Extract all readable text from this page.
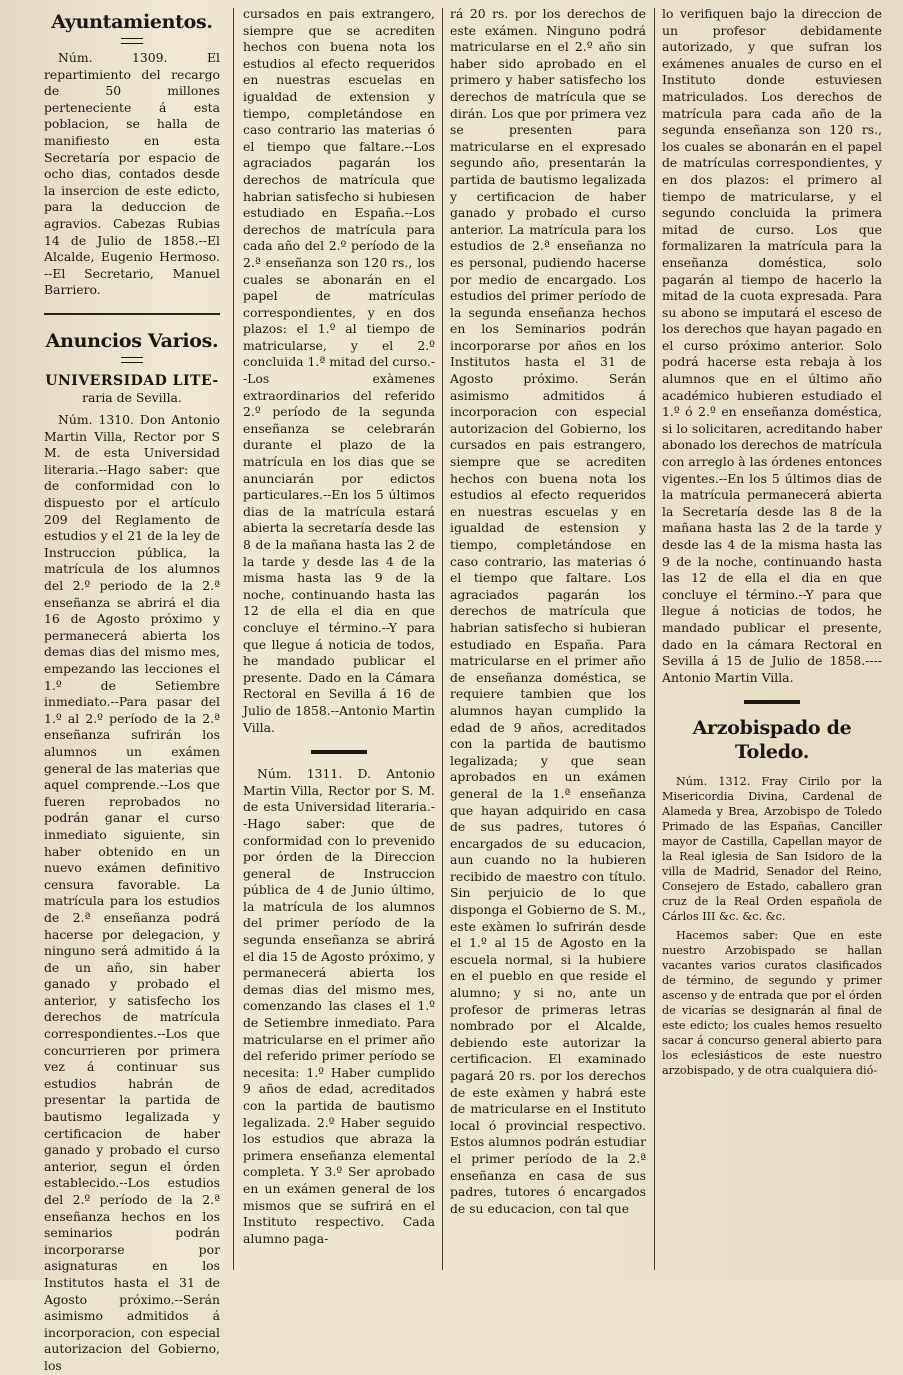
Ayuntamientos.

Núm. 1309. El repartimiento del recargo de 50 millones perteneciente á esta poblacion, se halla de manifiesto en esta Secretaría por espacio de ocho dias, contados desde la insercion de este edicto, para la deduccion de agravios. Cabezas Rubias 14 de Julio de 1858.--El Alcalde, Eugenio Hermoso. --El Secretario, Manuel Barriero.

Anuncios Varios.
UNIVERSIDAD LITE-
raria de Sevilla.

Núm. 1310. Don Antonio Martin Villa, Rector por S M. de esta Universidad literaria.--Hago saber: que de conformidad con lo dispuesto por el artículo 209 del Reglamento de estudios y el 21 de la ley de Instruccion pública, la matrícula de los alumnos del 2.º periodo de la 2.ª enseñanza se abrirá el dia 16 de Agosto próximo y permanecerá abierta los demas dias del mismo mes, empezando las lecciones el 1.º de Setiembre inmediato.--Para pasar del 1.º al 2.º período de la 2.ª enseñanza sufrirán los alumnos un exámen general de las materias que aquel comprende.--Los que fueren reprobados no podrán ganar el curso inmediato siguiente, sin haber obtenido en un nuevo exámen definitivo censura favorable. La matrícula para los estudios de 2.ª enseñanza podrá hacerse por delegacion, y ninguno será admitido á la de un año, sin haber ganado y probado el anterior, y satisfecho los derechos de matrícula correspondientes.--Los que concurrieren por primera vez á continuar sus estudios habrán de presentar la partida de bautismo legalizada y certificacion de haber ganado y probado el curso anterior, segun el órden establecido.--Los estudios del 2.º período de la 2.ª enseñanza hechos en los seminarios podrán incorporarse por asignaturas en los Institutos hasta el 31 de Agosto próximo.--Serán asimismo admitidos á incorporacion, con especial autorizacion del Gobierno, los

cursados en pais extrangero, siempre que se acrediten hechos con buena nota los estudios al efecto requeridos en nuestras escuelas en igualdad de extension y tiempo, completándose en caso contrario las materias ó el tiempo que faltare.--Los agraciados pagarán los derechos de matrícula que habrian satisfecho si hubiesen estudiado en España.--Los derechos de matrícula para cada año del 2.º período de la 2.ª enseñanza son 120 rs., los cuales se abonarán en el papel de matrículas correspondientes, y en dos plazos: el 1.º al tiempo de matricularse, y el 2.º concluida 1.ª mitad del curso.--Los exàmenes extraordinarios del referido 2.º período de la segunda enseñanza se celebrarán durante el plazo de la matrícula en los dias que se anunciarán por edictos particulares.--En los 5 últimos dias de la matrícula estará abierta la secretaría desde las 8 de la mañana hasta las 2 de la tarde y desde las 4 de la misma hasta las 9 de la noche, continuando hasta las 12 de ella el dia en que concluye el término.--Y para que llegue á noticia de todos, he mandado publicar el presente. Dado en la Cámara Rectoral en Sevilla á 16 de Julio de 1858.--Antonio Martin Villa.

Núm. 1311. D. Antonio Martin Villa, Rector por S. M. de esta Universidad literaria.--Hago saber: que de conformidad con lo prevenido por órden de la Direccion general de Instruccion pública de 4 de Junio último, la matrícula de los alumnos del primer período de la segunda enseñanza se abrirá el dia 15 de Agosto próximo, y permanecerá abierta los demas dias del mismo mes, comenzando las clases el 1.º de Setiembre inmediato. Para matricularse en el primer año del referido primer período se necesita: 1.º Haber cumplido 9 años de edad, acreditados con la partida de bautismo legalizada. 2.º Haber seguido los estudios que abraza la primera enseñanza elemental completa. Y 3.º Ser aprobado en un exámen general de los mismos que se sufrirá en el Instituto respectivo. Cada alumno paga-

rá 20 rs. por los derechos de este exámen. Ninguno podrá matricularse en el 2.º año sin haber sido aprobado en el primero y haber satisfecho los derechos de matrícula que se dirán. Los que por primera vez se presenten para matricularse en el expresado segundo año, presentarán la partida de bautismo legalizada y certificacion de haber ganado y probado el curso anterior. La matrícula para los estudios de 2.ª enseñanza no es personal, pudiendo hacerse por medio de encargado. Los estudios del primer período de la segunda enseñanza hechos en los Seminarios podrán incorporarse por años en los Institutos hasta el 31 de Agosto próximo. Serán asimismo admitidos á incorporacion con especial autorizacion del Gobierno, los cursados en pais estrangero, siempre que se acrediten hechos con buena nota los estudios al efecto requeridos en nuestras escuelas y en igualdad de estension y tiempo, completándose en caso contrario, las materias ó el tiempo que faltare. Los agraciados pagarán los derechos de matrícula que habrian satisfecho si hubieran estudiado en España. Para matricularse en el primer año de enseñanza doméstica, se requiere tambien que los alumnos hayan cumplido la edad de 9 años, acreditados con la partida de bautismo legalizada; y que sean aprobados en un exámen general de la 1.ª enseñanza que hayan adquirido en casa de sus padres, tutores ó encargados de su educacion, aun cuando no la hubieren recibido de maestro con título. Sin perjuicio de lo que disponga el Gobierno de S. M., este exàmen lo sufrirán desde el 1.º al 15 de Agosto en la escuela normal, si la hubiere en el pueblo en que reside el alumno; y si no, ante un profesor de primeras letras nombrado por el Alcalde, debiendo este autorizar la certificacion. El examinado pagará 20 rs. por los derechos de este exàmen y habrá este de matricularse en el Instituto local ó provincial respectivo. Estos alumnos podrán estudiar el primer período de la 2.ª enseñanza en casa de sus padres, tutores ó encargados de su educacion, con tal que

lo verifiquen bajo la direccion de un profesor debidamente autorizado, y que sufran los exámenes anuales de curso en el Instituto donde estuviesen matriculados. Los derechos de matrícula para cada año de la segunda enseñanza son 120 rs., los cuales se abonarán en el papel de matrículas correspondientes, y en dos plazos: el primero al tiempo de matricularse, y el segundo concluida la primera mitad de curso. Los que formalizaren la matrícula para la enseñanza doméstica, solo pagarán al tiempo de hacerlo la mitad de la cuota expresada. Para su abono se imputará el esceso de los derechos que hayan pagado en el curso próximo anterior. Solo podrá hacerse esta rebaja à los alumnos que en el último año académico hubieren estudiado el 1.º ó 2.º en enseñanza doméstica, si lo solicitaren, acreditando haber abonado los derechos de matrícula con arreglo à las órdenes entonces vigentes.--En los 5 últimos dias de la matrícula permanecerá abierta la Secretaría desde las 8 de la mañana hasta las 2 de la tarde y desde las 4 de la misma hasta las 9 de la noche, continuando hasta las 12 de ella el dia en que concluye el término.--Y para que llegue á noticias de todos, he mandado publicar el presente, dado en la cámara Rectoral en Sevilla á 15 de Julio de 1858.----Antonio Martin Villa.

Arzobispado de Toledo.

Núm. 1312. Fray Cirilo por la Misericordia Divina, Cardenal de Alameda y Brea, Arzobispo de Toledo Primado de las Españas, Canciller mayor de Castilla, Capellan mayor de la Real iglesia de San Isidoro de la villa de Madrid, Senador del Reino, Consejero de Estado, caballero gran cruz de la Real Orden española de Cárlos III &c. &c. &c.

Hacemos saber: Que en este nuestro Arzobispado se hallan vacantes varios curatos clasificados de término, de segundo y primer ascenso y de entrada que por el órden de vicarías se designarán al final de este edicto; los cuales hemos resuelto sacar á concurso general abierto para los eclesiásticos de este nuestro arzobispado, y de otra cualquiera dió-
